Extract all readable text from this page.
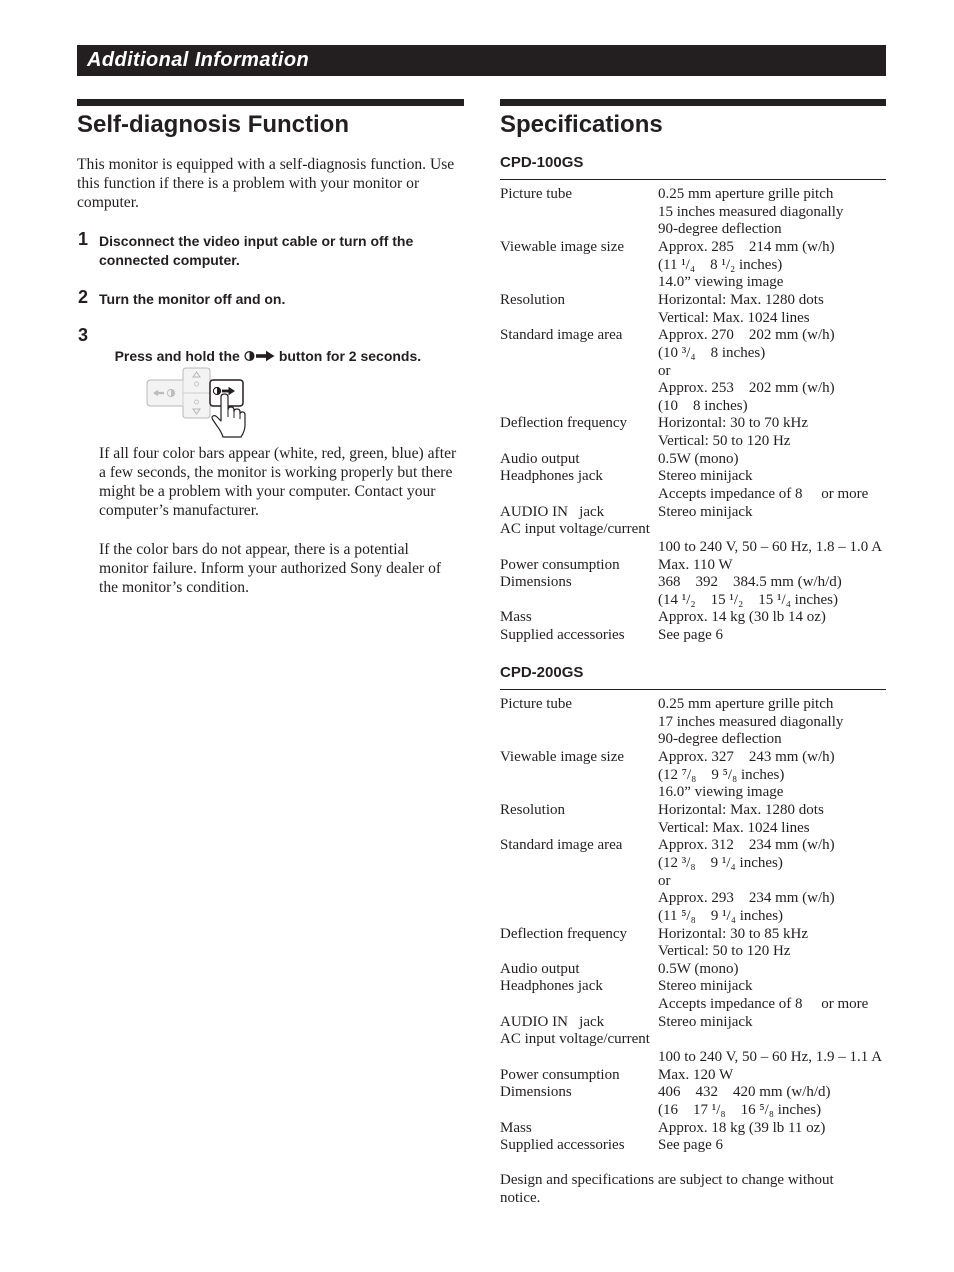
Additional Information
Self-diagnosis Function
This monitor is equipped with a self-diagnosis function. Use
this function if there is a problem with your monitor or
computer.
1 Disconnect the video input cable or turn off the
connected computer.
2 Turn the monitor off and on.
3

Press and hold the	button for 2 seconds.

If all four color bars appear (white, red, green, blue) after
a few seconds, the monitor is working properly but there
might be a problem with your computer. Contact your
computer’s manufacturer.
If the color bars do not appear, there is a potential
monitor failure. Inform your authorized Sony dealer of
the monitor’s condition.
Specifications
CPD-100GS
Picture tube	0.25 mm aperture grille pitch
15 inches measured diagonally
90-degree deflection
Viewable image size Approx. 285    214 mm (w/h)
(11 ¹/₄    8 ¹/₂ inches)
14.0” viewing image
Resolution	Horizontal: Max. 1280 dots
Vertical: Max. 1024 lines
Standard image area Approx. 270    202 mm (w/h)
(10 ³/₄    8 inches)
or
Approx. 253    202 mm (w/h)
(10    8 inches)
Deflection frequency Horizontal: 30 to 70 kHz
Vertical: 50 to 120 Hz
Audio output	0.5W (mono)
Headphones jack	Stereo minijack
Accepts impedance of 8     or more
AUDIO IN   jack	Stereo minijack
AC input voltage/current
100 to 240 V, 50 – 60 Hz, 1.8 – 1.0 A
Power consumption	Max. 110 W
Dimensions	368    392    384.5 mm (w/h/d)
(14 ¹/₂    15 ¹/₂    15 ¹/₄ inches)
Mass	Approx. 14 kg (30 lb 14 oz)
Supplied accessories See page 6
CPD-200GS
Picture tube	0.25 mm aperture grille pitch
17 inches measured diagonally
90-degree deflection
Viewable image size Approx. 327    243 mm (w/h)
(12 ⁷/₈    9 ⁵/₈ inches)
16.0” viewing image
Resolution	Horizontal: Max. 1280 dots
Vertical: Max. 1024 lines
Standard image area Approx. 312    234 mm (w/h)
(12 ³/₈    9 ¹/₄ inches)
or
Approx. 293    234 mm (w/h)
(11 ⁵/₈    9 ¹/₄ inches)
Deflection frequency Horizontal: 30 to 85 kHz
Vertical: 50 to 120 Hz
Audio output	0.5W (mono)
Headphones jack	Stereo minijack
Accepts impedance of 8     or more
AUDIO IN   jack	Stereo minijack
AC input voltage/current
100 to 240 V, 50 – 60 Hz, 1.9 – 1.1 A
Power consumption	Max. 120 W
Dimensions	406    432    420 mm (w/h/d)
(16    17 ¹/₈    16 ⁵/₈ inches)
Mass	Approx. 18 kg (39 lb 11 oz)
Supplied accessories See page 6
Design and specifications are subject to change without
notice.
